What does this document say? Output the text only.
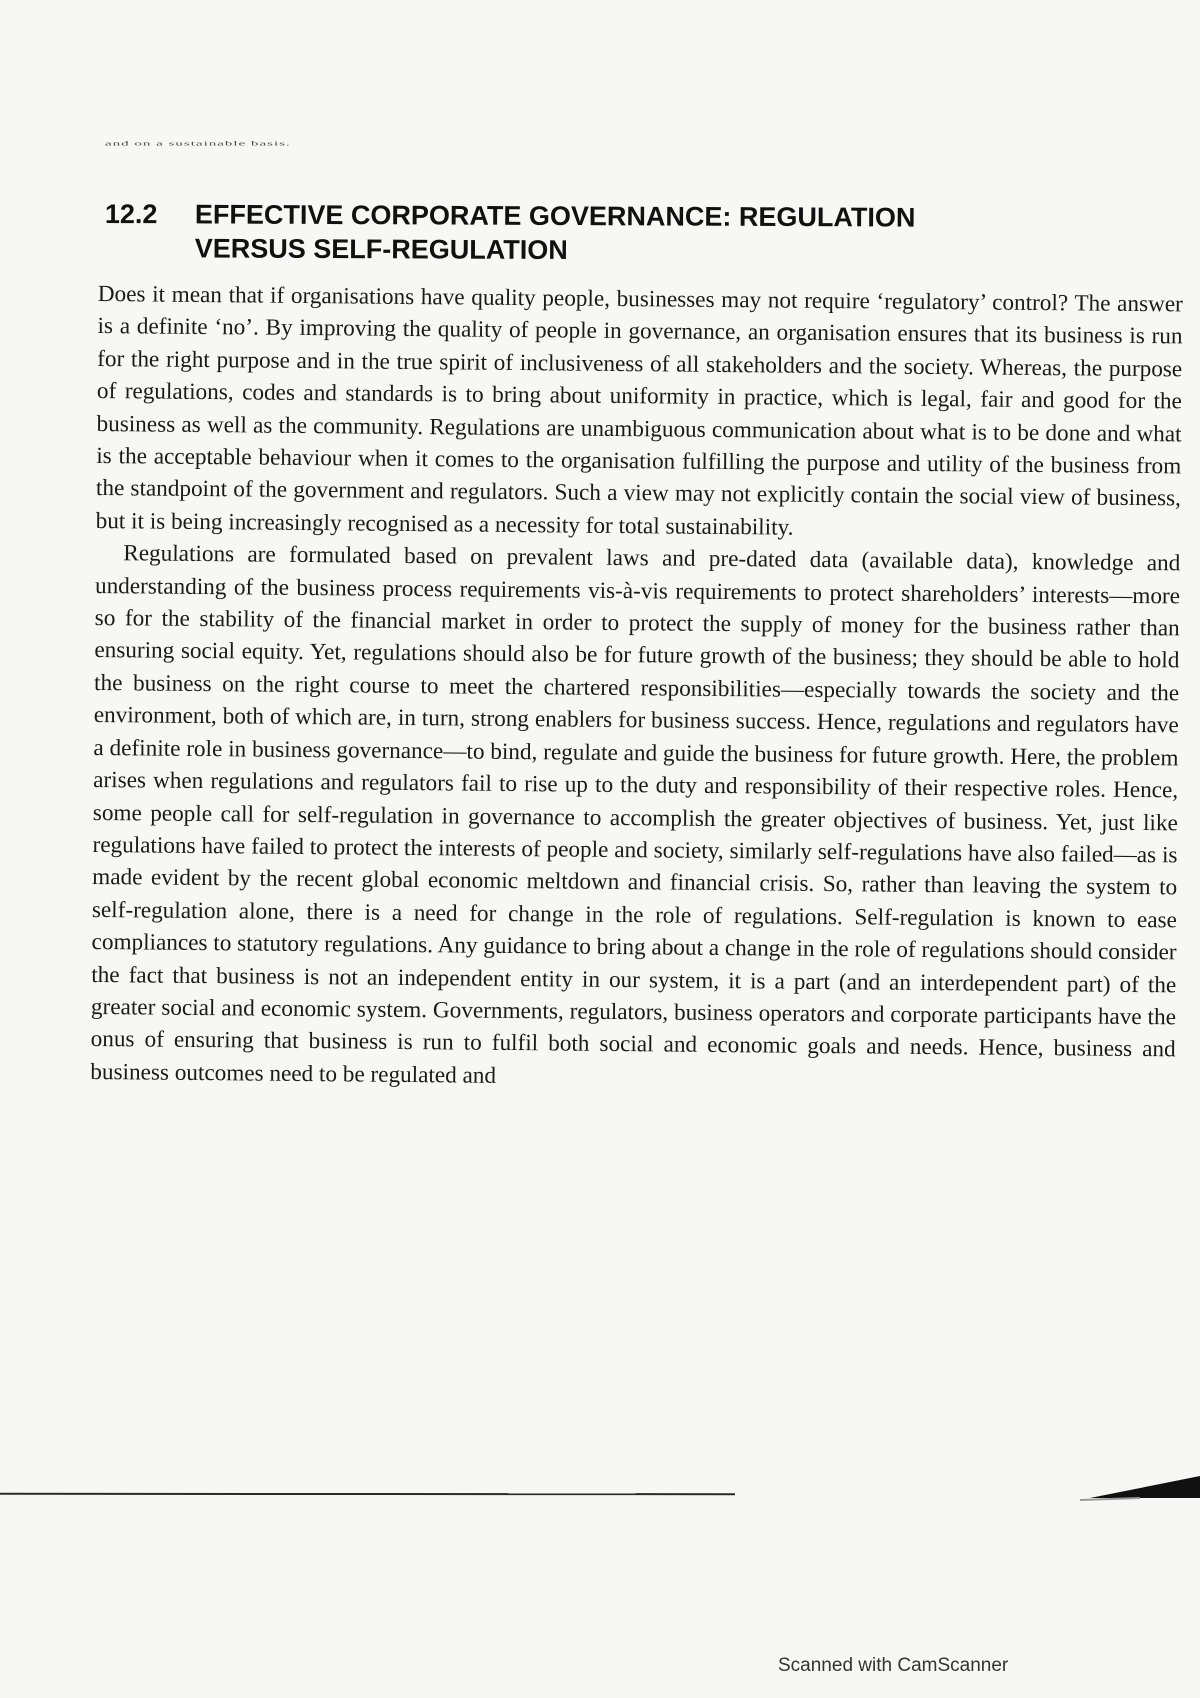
and on a sustainable basis.
12.2 EFFECTIVE CORPORATE GOVERNANCE: REGULATION VERSUS SELF-REGULATION

Does it mean that if organisations have quality people, businesses may not require ‘regulatory’ control? The answer is a definite ‘no’. By improving the quality of people in governance, an organisation ensures that its business is run for the right purpose and in the true spirit of inclusiveness of all stakeholders and the society. Whereas, the purpose of regulations, codes and standards is to bring about uniformity in practice, which is legal, fair and good for the business as well as the community. Regulations are unambiguous communication about what is to be done and what is the acceptable behaviour when it comes to the organisation fulfilling the purpose and utility of the business from the standpoint of the government and regulators. Such a view may not explicitly contain the social view of business, but it is being increasingly recognised as a necessity for total sustainability.

Regulations are formulated based on prevalent laws and pre-dated data (available data), knowledge and understanding of the business process requirements vis-à-vis requirements to protect shareholders’ interests—more so for the stability of the financial market in order to protect the supply of money for the business rather than ensuring social equity. Yet, regulations should also be for future growth of the business; they should be able to hold the business on the right course to meet the chartered responsibilities—especially towards the society and the environment, both of which are, in turn, strong enablers for business success. Hence, regulations and regulators have a definite role in business governance—to bind, regulate and guide the business for future growth. Here, the problem arises when regulations and regulators fail to rise up to the duty and responsibility of their respective roles. Hence, some people call for self-regulation in governance to accomplish the greater objectives of business. Yet, just like regulations have failed to protect the interests of people and society, similarly self-regulations have also failed—as is made evident by the recent global economic meltdown and financial crisis. So, rather than leaving the system to self-regulation alone, there is a need for change in the role of regulations. Self-regulation is known to ease compliances to statutory regulations. Any guidance to bring about a change in the role of regulations should consider the fact that business is not an independent entity in our system, it is a part (and an interdependent part) of the greater social and economic system. Governments, regulators, business operators and corporate participants have the onus of ensuring that business is run to fulfil both social and economic goals and needs. Hence, business and business outcomes need to be regulated and

Scanned with CamScanner
